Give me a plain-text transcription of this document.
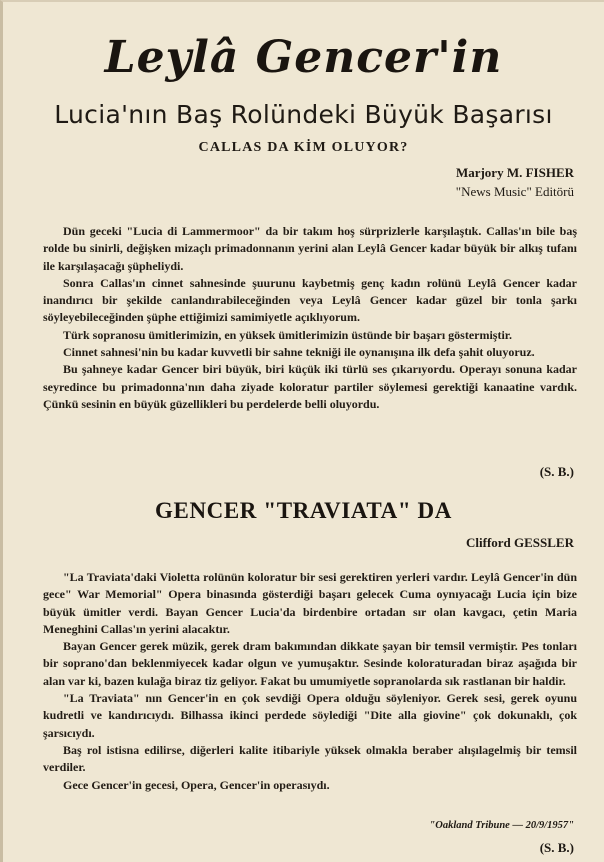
Leylâ Gencer'in
Lucia'nın Baş Rolündeki Büyük Başarısı
CALLAS DA KİM OLUYOR?
Marjory M. FISHER
"News Music" Editörü

Dün geceki "Lucia di Lammermoor" da bir takım hoş sürprizlerle karşılaştık. Callas'ın bile baş rolde bu sinirli, değişken mizaçlı primadonnanın yerini alan Leylâ Gencer kadar büyük bir alkış tufanı ile karşılaşacağı şüpheliydi.

Sonra Callas'ın cinnet sahnesinde şuurunu kaybetmiş genç kadın rolünü Leylâ Gencer kadar inandırıcı bir şekilde canlandırabileceğinden veya Leylâ Gencer kadar güzel bir tonla şarkı söyleyebileceğinden şüphe ettiğimizi samimiyetle açıklıyorum.

Türk sopranosu ümitlerimizin, en yüksek ümitlerimizin üstünde bir başarı göstermiştir.

Cinnet sahnesi'nin bu kadar kuvvetli bir sahne tekniği ile oynanışına ilk defa şahit oluyoruz.

Bu şahneye kadar Gencer biri büyük, biri küçük iki türlü ses çıkarıyordu. Operayı sonuna kadar seyredince bu primadonna'nın daha ziyade koloratur partiler söylemesi gerektiği kanaatine vardık. Çünkü sesinin en büyük güzellikleri bu perdelerde belli oluyordu.

(S. B.)
GENCER "TRAVIATA" DA
Clifford GESSLER

"La Traviata'daki Violetta rolünün koloratur bir sesi gerektiren yerleri vardır. Leylâ Gencer'in dün gece" War Memorial" Opera binasında gösterdiği başarı gelecek Cuma oynıyacağı Lucia için bize büyük ümitler verdi. Bayan Gencer Lucia'da birdenbire ortadan sır olan kavgacı, çetin Maria Meneghini Callas'ın yerini alacaktır.

Bayan Gencer gerek müzik, gerek dram bakımından dikkate şayan bir temsil vermiştir. Pes tonları bir soprano'dan beklenmiyecek kadar olgun ve yumuşaktır. Sesinde koloraturadan biraz aşağıda bir alan var ki, bazen kulağa biraz tiz geliyor. Fakat bu umumiyetle sopranolarda sık rastlanan bir haldir.

"La Traviata" nın Gencer'in en çok sevdiği Opera olduğu söyleniyor. Gerek sesi, gerek oyunu kudretli ve kandırıcıydı. Bilhassa ikinci perdede söylediği "Dite alla giovine" çok dokunaklı, çok şarsıcıydı.

Baş rol istisna edilirse, diğerleri kalite itibariyle yüksek olmakla beraber alışılagelmiş bir temsil verdiler.

Gece Gencer'in gecesi, Opera, Gencer'in operasıydı.

"Oakland Tribune — 20/9/1957"
(S. B.)
